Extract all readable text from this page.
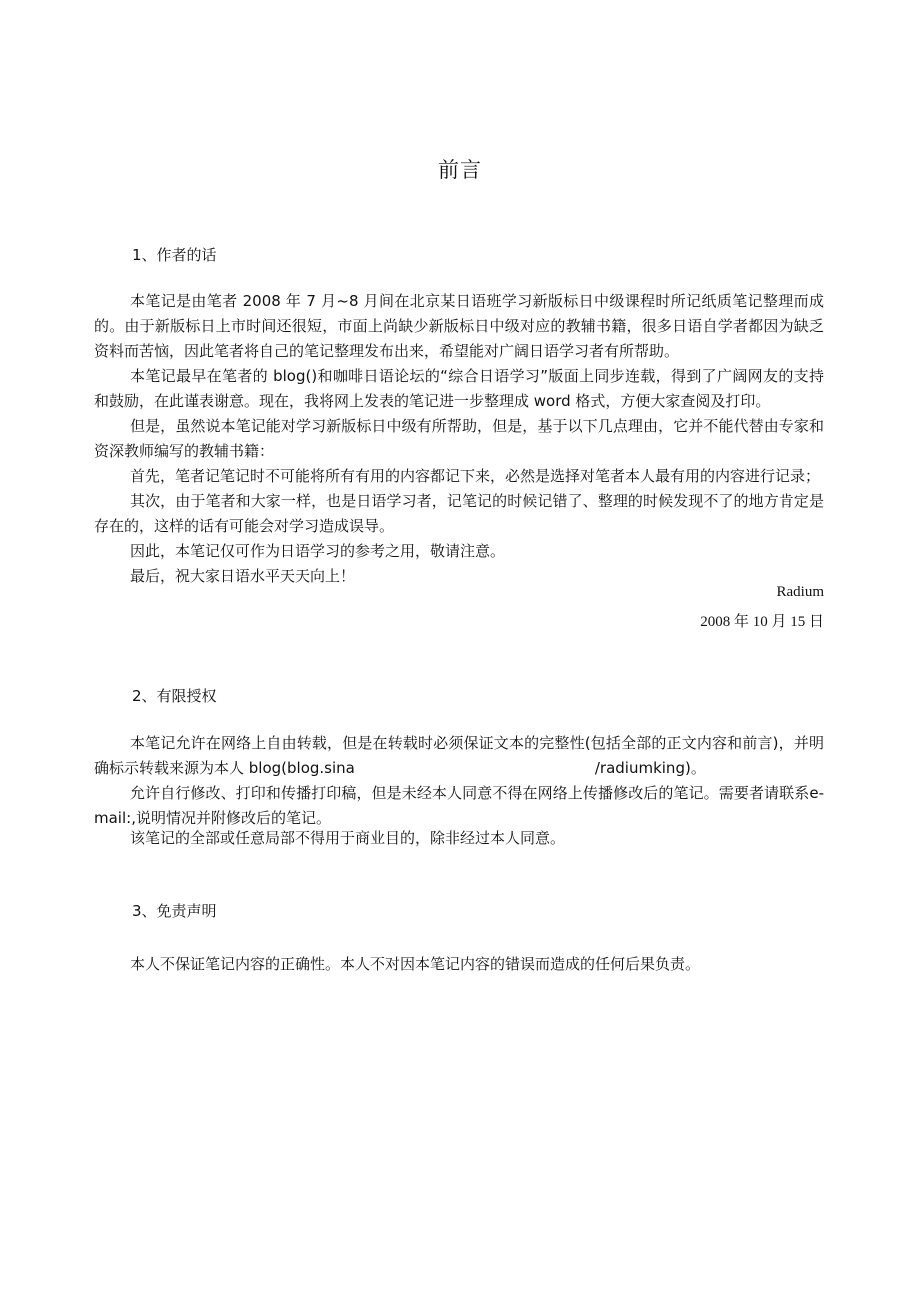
前言
1、作者的话

本笔记是由笔者 2008 年 7 月~8 月间在北京某日语班学习新版标日中级课程时所记纸质笔记整理而成的。由于新版标日上市时间还很短，市面上尚缺少新版标日中级对应的教辅书籍，很多日语自学者都因为缺乏资料而苦恼，因此笔者将自己的笔记整理发布出来，希望能对广阔日语学习者有所帮助。

本笔记最早在笔者的 blog()和咖啡日语论坛的“综合日语学习”版面上同步连载，得到了广阔网友的支持和鼓励，在此谨表谢意。现在，我将网上发表的笔记进一步整理成 word 格式，方便大家查阅及打印。

但是，虽然说本笔记能对学习新版标日中级有所帮助，但是，基于以下几点理由，它并不能代替由专家和资深教师编写的教辅书籍：

首先，笔者记笔记时不可能将所有有用的内容都记下来，必然是选择对笔者本人最有用的内容进行记录；

其次，由于笔者和大家一样，也是日语学习者，记笔记的时候记错了、整理的时候发现不了的地方肯定是存在的，这样的话有可能会对学习造成误导。

因此，本笔记仅可作为日语学习的参考之用，敬请注意。

最后，祝大家日语水平天天向上！

Radium
2008 年 10 月 15 日
2、有限授权

本笔记允许在网络上自由转载，但是在转载时必须保证文本的完整性(包括全部的正文内容和前言)，并明确标示转载来源为本人 blog(blog.sina	/radiumking)。

允许自行修改、打印和传播打印稿，但是未经本人同意不得在网络上传播修改后的笔记。需要者请联系e-mail:,说明情况并附修改后的笔记。

该笔记的全部或任意局部不得用于商业目的，除非经过本人同意。

3、免责声明

本人不保证笔记内容的正确性。本人不对因本笔记内容的错误而造成的任何后果负责。
